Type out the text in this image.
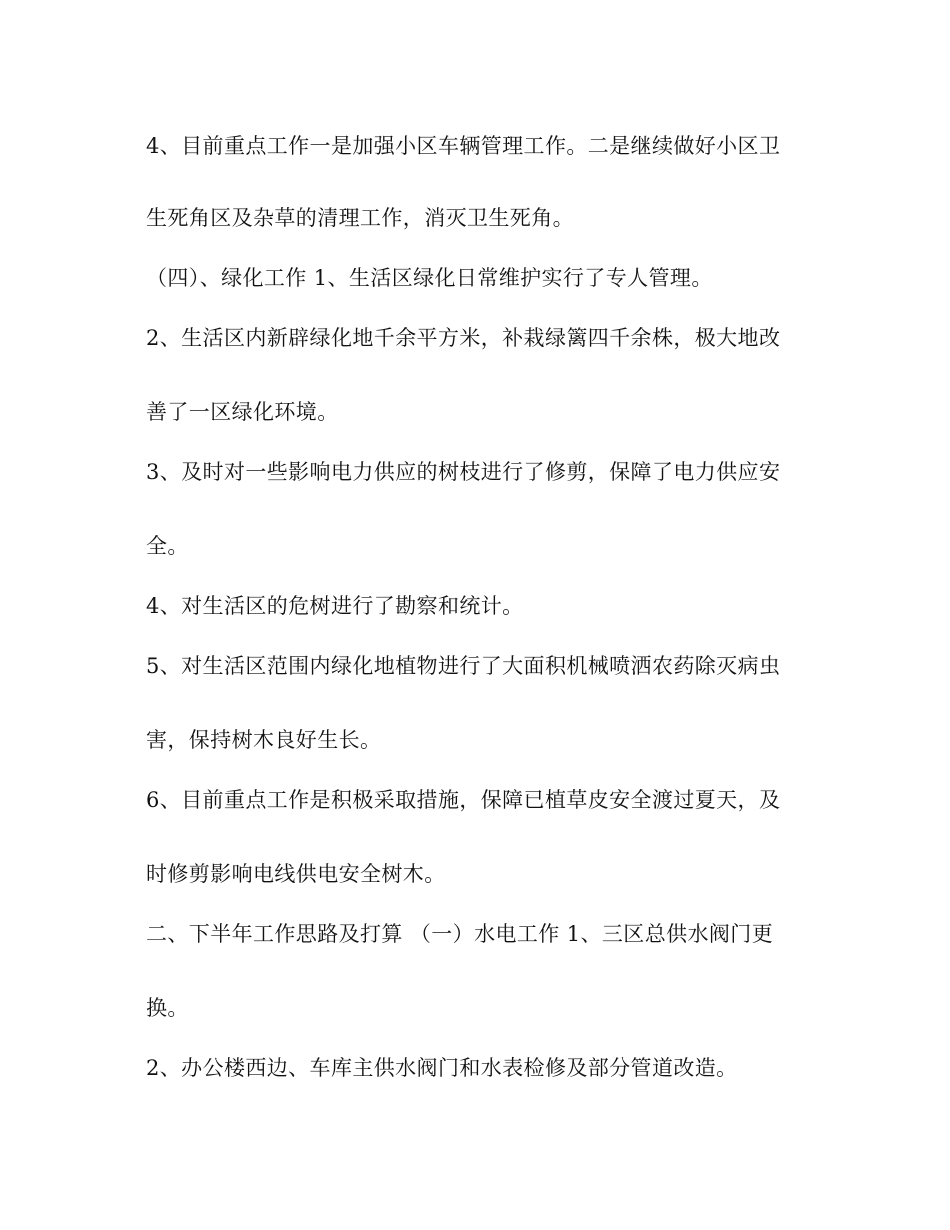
4、目前重点工作一是加强小区车辆管理工作。二是继续做好小区卫
生死角区及杂草的清理工作，消灭卫生死角。
（四）、绿化工作 1、生活区绿化日常维护实行了专人管理。
2、生活区内新辟绿化地千余平方米，补栽绿篱四千余株，极大地改
善了一区绿化环境。
3、及时对一些影响电力供应的树枝进行了修剪，保障了电力供应安
全。
4、对生活区的危树进行了勘察和统计。
5、对生活区范围内绿化地植物进行了大面积机械喷洒农药除灭病虫
害，保持树木良好生长。
6、目前重点工作是积极采取措施，保障已植草皮安全渡过夏天，及
时修剪影响电线供电安全树木。
二、下半年工作思路及打算 （一）水电工作 1、三区总供水阀门更
换。
2、办公楼西边、车库主供水阀门和水表检修及部分管道改造。
